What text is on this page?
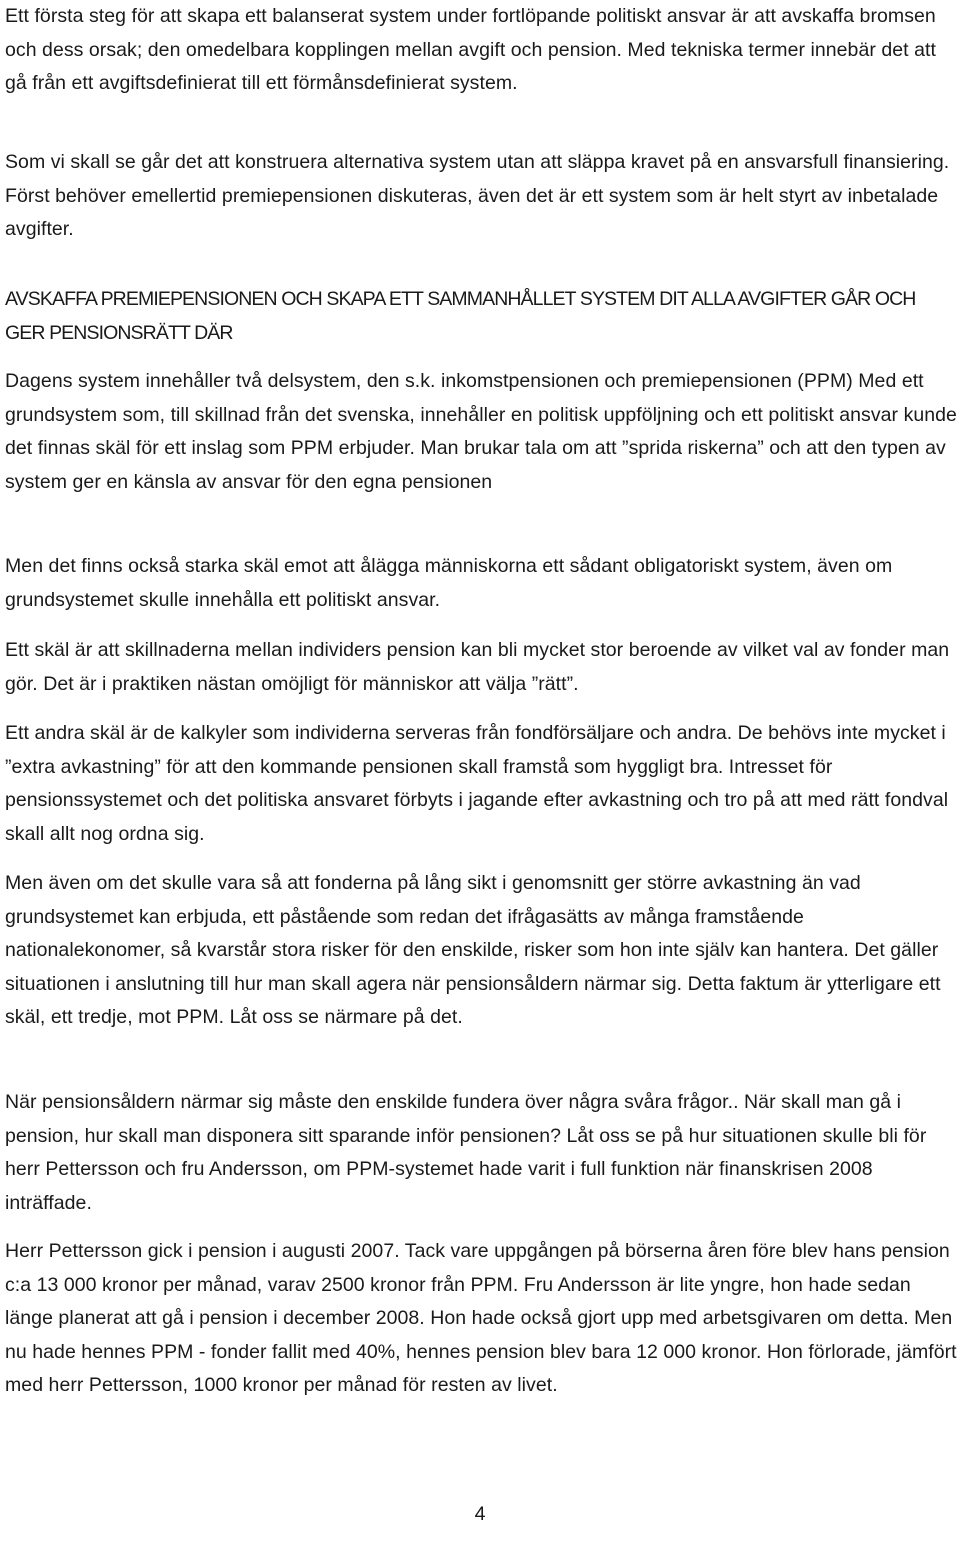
Ett första steg för att skapa ett balanserat system under fortlöpande politiskt ansvar är att avskaffa bromsen och dess orsak; den omedelbara kopplingen mellan avgift och pension. Med tekniska termer innebär det att gå från ett avgiftsdefinierat till ett förmånsdefinierat system.

Som vi skall se går det att konstruera alternativa system utan att släppa kravet på en ansvarsfull finansiering. Först behöver emellertid premiepensionen diskuteras, även det är ett system som är helt styrt av inbetalade avgifter.

AVSKAFFA PREMIEPENSIONEN OCH SKAPA ETT SAMMANHÅLLET SYSTEM DIT ALLA AVGIFTER GÅR OCH GER PENSIONSRÄTT DÄR

Dagens system innehåller två delsystem, den s.k. inkomstpensionen och premiepensionen (PPM) Med ett grundsystem som, till skillnad från det svenska, innehåller en politisk uppföljning och ett politiskt ansvar kunde det finnas skäl för ett inslag som PPM erbjuder. Man brukar tala om att ”sprida riskerna” och att den typen av system ger en känsla av ansvar för den egna pensionen

Men det finns också starka skäl emot att ålägga människorna ett sådant obligatoriskt system, även om grundsystemet skulle innehålla ett politiskt ansvar.

Ett skäl är att skillnaderna mellan individers pension kan bli mycket stor beroende av vilket val av fonder man gör. Det är i praktiken nästan omöjligt för människor att välja ”rätt”.

Ett andra skäl är de kalkyler som individerna serveras från fondförsäljare och andra. De behövs inte mycket i ”extra avkastning” för att den kommande pensionen skall framstå som hyggligt bra. Intresset för pensionssystemet och det politiska ansvaret förbyts i jagande efter avkastning och tro på att med rätt fondval skall allt nog ordna sig.

Men även om det skulle vara så att fonderna på lång sikt i genomsnitt ger större avkastning än vad grundsystemet kan erbjuda, ett påstående som redan det ifrågasätts av många framstående nationalekonomer, så kvarstår stora risker för den enskilde, risker som hon inte själv kan hantera. Det gäller situationen i anslutning till hur man skall agera när pensionsåldern närmar sig. Detta faktum är ytterligare ett skäl, ett tredje, mot PPM. Låt oss se närmare på det.

När pensionsåldern närmar sig måste den enskilde fundera över några svåra frågor.. När skall man gå i pension, hur skall man disponera sitt sparande inför pensionen? Låt oss se på hur situationen skulle bli för herr Pettersson och fru Andersson, om PPM-systemet hade varit i full funktion när finanskrisen 2008 inträffade.

Herr Pettersson gick i pension i augusti 2007. Tack vare uppgången på börserna åren före blev hans pension c:a 13 000 kronor per månad, varav 2500 kronor från PPM. Fru Andersson är lite yngre, hon hade sedan länge planerat att gå i pension i december 2008. Hon hade också gjort upp med arbetsgivaren om detta. Men nu hade hennes PPM - fonder fallit med 40%, hennes pension blev bara 12 000 kronor. Hon förlorade, jämfört med herr Pettersson, 1000 kronor per månad för resten av livet.

4
